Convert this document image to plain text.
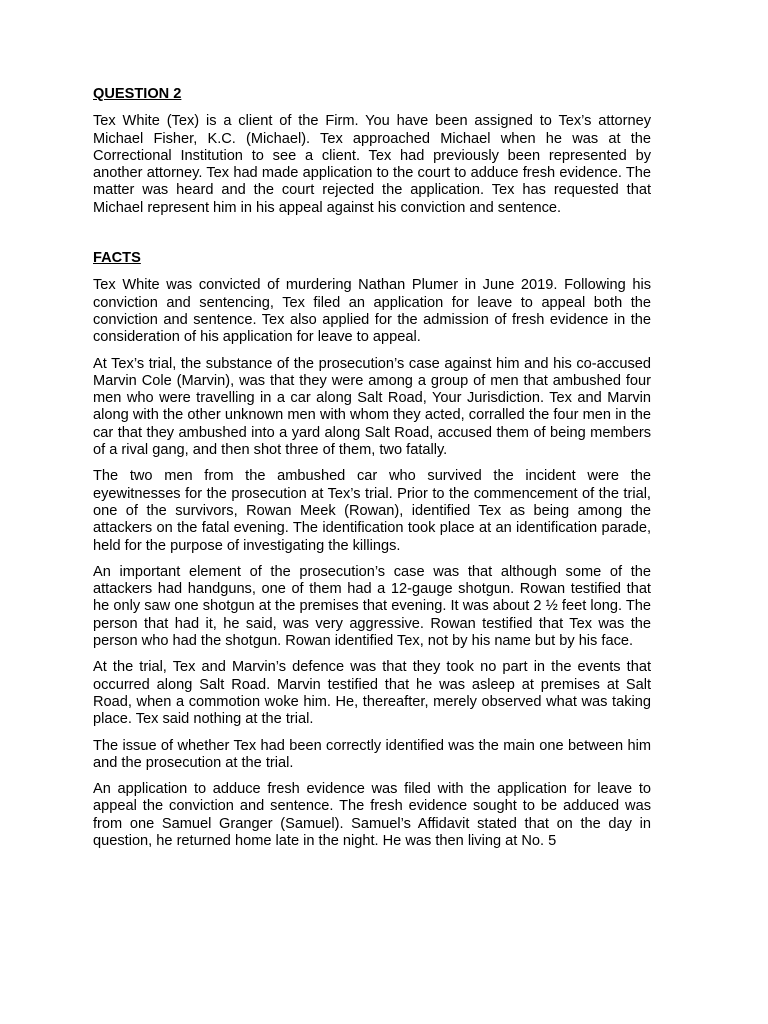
QUESTION 2

Tex White (Tex) is a client of the Firm. You have been assigned to Tex’s attorney Michael Fisher, K.C. (Michael). Tex approached Michael when he was at the Correctional Institution to see a client. Tex had previously been represented by another attorney. Tex had made application to the court to adduce fresh evidence. The matter was heard and the court rejected the application. Tex has requested that Michael represent him in his appeal against his conviction and sentence.

FACTS

Tex White was convicted of murdering Nathan Plumer in June 2019. Following his conviction and sentencing, Tex filed an application for leave to appeal both the conviction and sentence. Tex also applied for the admission of fresh evidence in the consideration of his application for leave to appeal.

At Tex’s trial, the substance of the prosecution’s case against him and his co-accused Marvin Cole (Marvin), was that they were among a group of men that ambushed four men who were travelling in a car along Salt Road, Your Jurisdiction. Tex and Marvin along with the other unknown men with whom they acted, corralled the four men in the car that they ambushed into a yard along Salt Road, accused them of being members of a rival gang, and then shot three of them, two fatally.

The two men from the ambushed car who survived the incident were the eyewitnesses for the prosecution at Tex’s trial. Prior to the commencement of the trial, one of the survivors, Rowan Meek (Rowan), identified Tex as being among the attackers on the fatal evening. The identification took place at an identification parade, held for the purpose of investigating the killings.

An important element of the prosecution’s case was that although some of the attackers had handguns, one of them had a 12-gauge shotgun. Rowan testified that he only saw one shotgun at the premises that evening. It was about 2 ½ feet long. The person that had it, he said, was very aggressive. Rowan testified that Tex was the person who had the shotgun. Rowan identified Tex, not by his name but by his face.

At the trial, Tex and Marvin’s defence was that they took no part in the events that occurred along Salt Road. Marvin testified that he was asleep at premises at Salt Road, when a commotion woke him. He, thereafter, merely observed what was taking place. Tex said nothing at the trial.

The issue of whether Tex had been correctly identified was the main one between him and the prosecution at the trial.

An application to adduce fresh evidence was filed with the application for leave to appeal the conviction and sentence. The fresh evidence sought to be adduced was from one Samuel Granger (Samuel). Samuel’s Affidavit stated that on the day in question, he returned home late in the night. He was then living at No. 5
